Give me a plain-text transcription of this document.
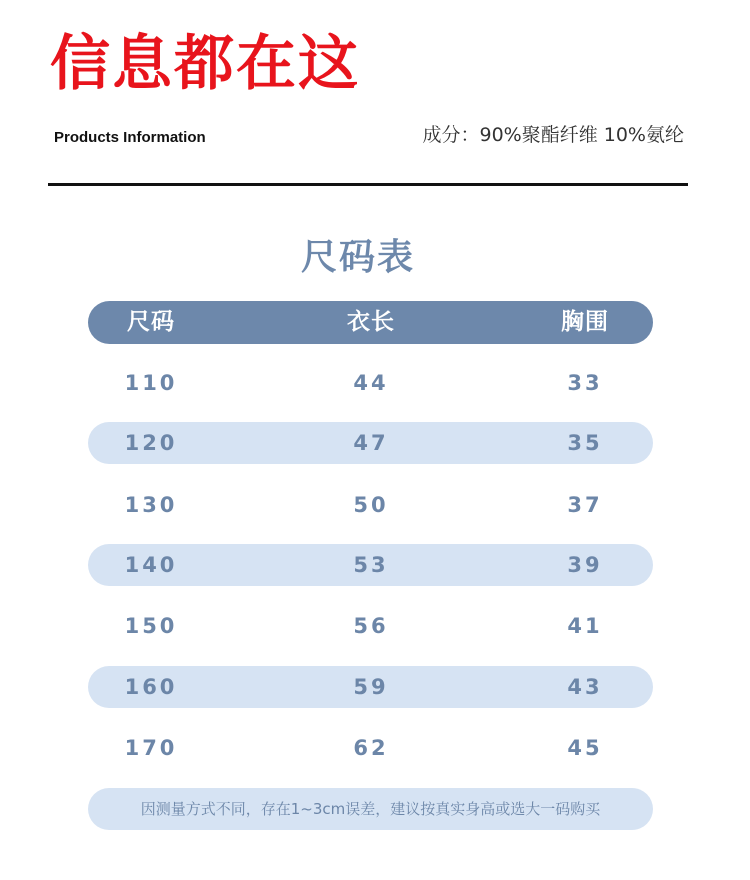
信息都在这
Products Information	成分：90%聚酯纤维 10%氨纶
尺码表
尺码	衣长	胸围
110	44	33
120	47	35
130	50	37
140	53	39
150	56	41
160	59	43
170	62	45
因测量方式不同，存在1~3cm误差，建议按真实身高或选大一码购买
